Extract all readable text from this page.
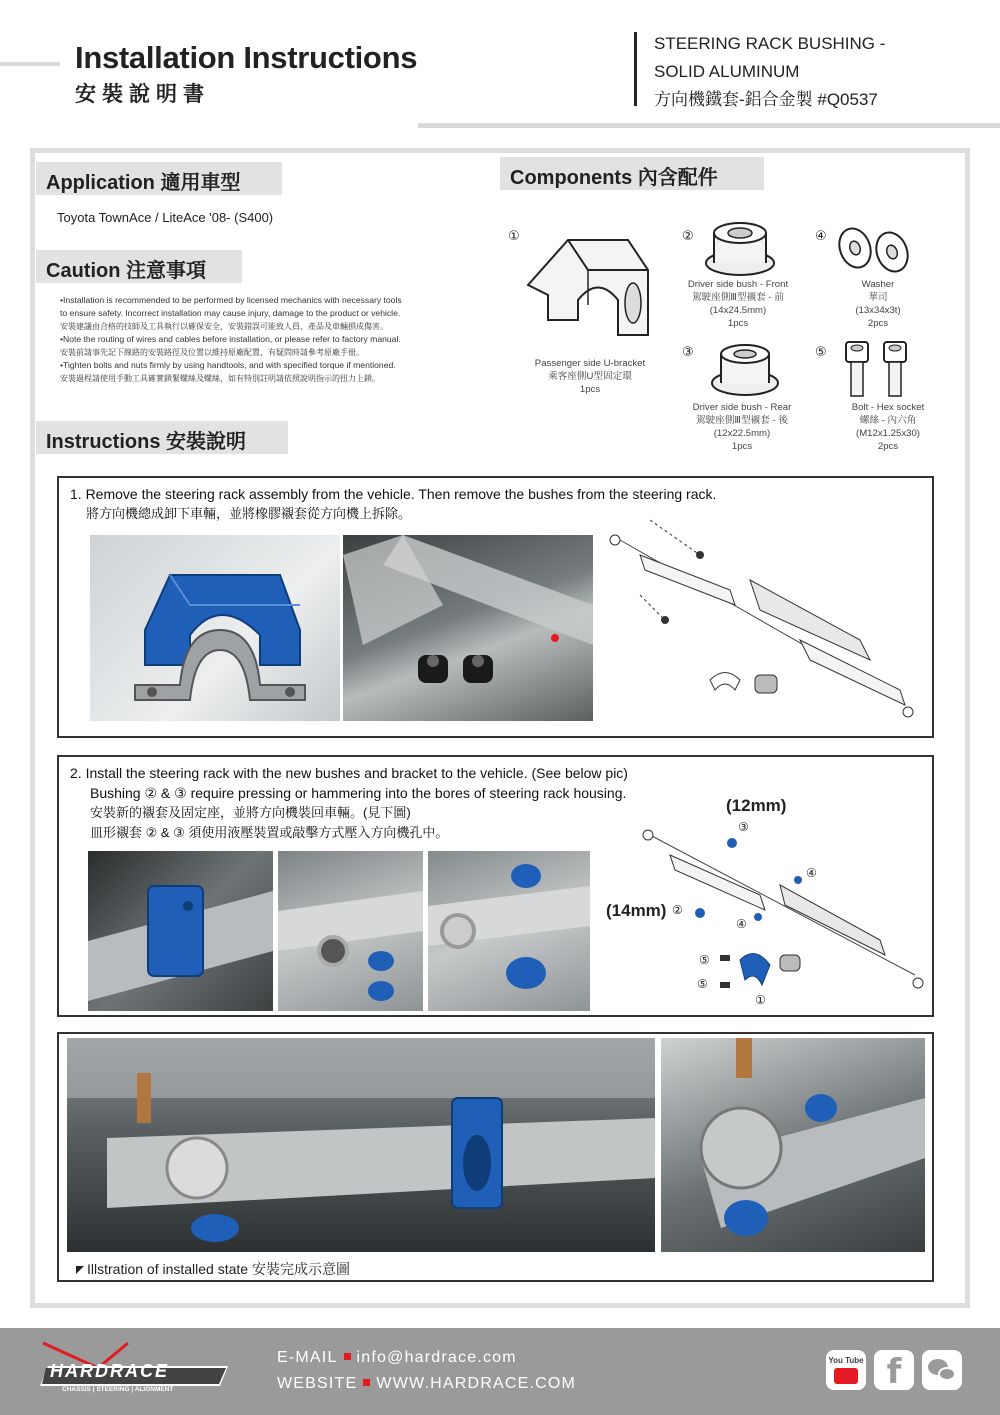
Installation Instructions
安裝說明書
STEERING RACK BUSHING -
SOLID ALUMINUM
方向機鐵套-鋁合金製 #Q0537
Application 適用車型
Toyota TownAce / LiteAce '08- (S400)
Caution 注意事項

•Installation is recommended to be performed by licensed mechanics with necessary tools

to ensure safety. Incorrect installation may cause injury, damage to the product or vehicle.

安裝建議由合格的技師及工具執行以確保安全，安裝錯誤可能致人員、產品及車輛損成傷害。

•Note the routing of wires and cables before installation, or please refer to factory manual.

安裝前請事先記下線路的安裝路徑及位置以維持原廠配置，有疑問時請參考原廠手冊。

•Tighten bolts and nuts firmly by using handtools, and with specified torque if mentioned.

安裝過程請使用手動工具確實鎖緊螺絲及螺絲，如有特別註明請依照說明指示的扭力上鎖。

Components 內含配件
①
Passenger side U-bracket
乘客座側U型固定環
1pcs
②
Driver side bush - Front
駕駛座側Ⅲ型襯套 - 前
(14x24.5mm)
1pcs
③
Driver side bush - Rear
駕駛座側Ⅲ型襯套 - 後
(12x22.5mm)
1pcs
④
Washer
華司
(13x34x3t)
2pcs
⑤
Bolt - Hex socket
螺絲 - 內六角
(M12x1.25x30)
2pcs
Instructions 安裝說明
1. Remove the steering rack assembly from the vehicle. Then remove the bushes from the steering rack.
將方向機總成卸下車輛，並將橡膠襯套從方向機上拆除。
2. Install the steering rack with the new bushes and bracket to the vehicle. (See below pic)
Bushing ② & ③ require pressing or hammering into the bores of steering rack housing.
安裝新的襯套及固定座，並將方向機裝回車輛。(見下圖)
皿形襯套 ② & ③ 須使用液壓裝置或敲擊方式壓入方向機孔中。
(12mm)
(14mm)
③
②
④
④
⑤
⑤
①
Illstration of installed state 安裝完成示意圖
HARDRACE
CHASSIS | STEERING | ALIGNMENT
E-MAIL info@hardrace.com
WEBSITE WWW.HARDRACE.COM
You Tube f
